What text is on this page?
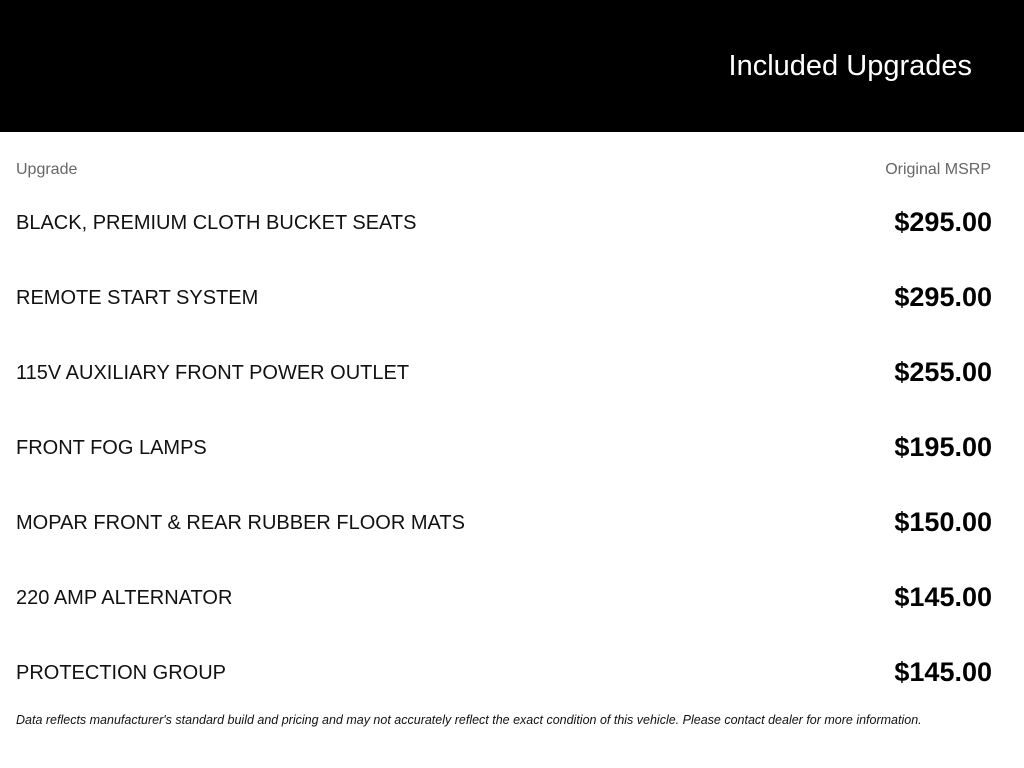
Included Upgrades
Upgrade	Original MSRP
BLACK, PREMIUM CLOTH BUCKET SEATS	$295.00
REMOTE START SYSTEM	$295.00
115V AUXILIARY FRONT POWER OUTLET	$255.00
FRONT FOG LAMPS	$195.00
MOPAR FRONT & REAR RUBBER FLOOR MATS	$150.00
220 AMP ALTERNATOR	$145.00
PROTECTION GROUP	$145.00
Data reflects manufacturer's standard build and pricing and may not accurately reflect the exact condition of this vehicle. Please contact dealer for more information.
